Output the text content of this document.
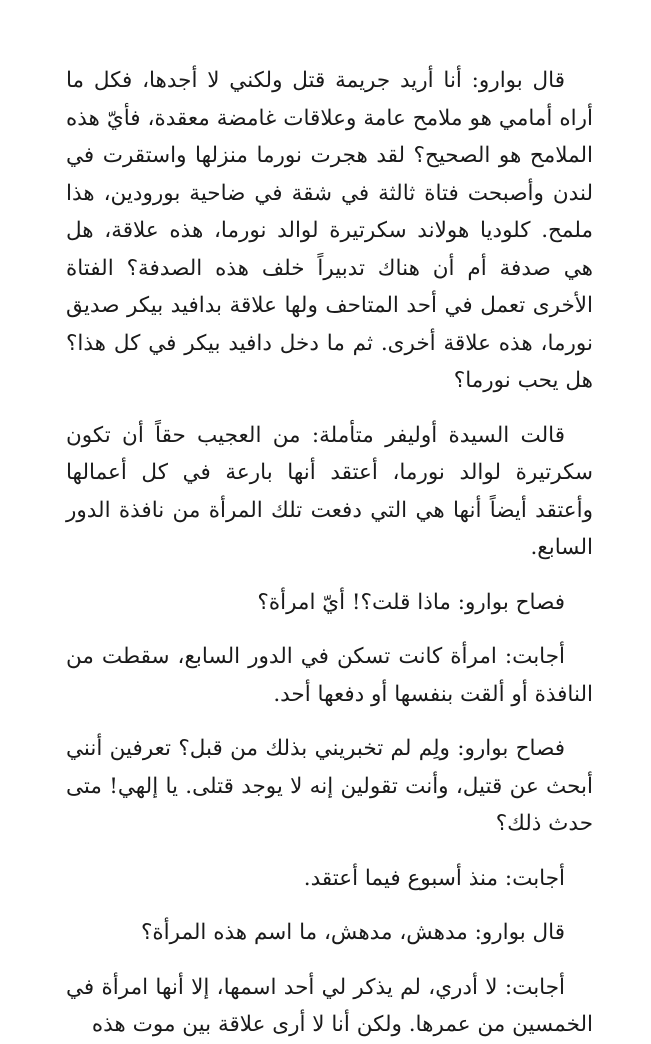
قال بوارو: أنا أريد جريمة قتل ولكني لا أجدها، فكل ما أراه أمامي هو ملامح عامة وعلاقات غامضة معقدة، فأيّ هذه الملامح هو الصحيح؟ لقد هجرت نورما منزلها واستقرت في لندن وأصبحت فتاة ثالثة في شقة في ضاحية بورودين، هذا ملمح. كلوديا هولاند سكرتيرة لوالد نورما، هذه علاقة، هل هي صدفة أم أن هناك تدبيراً خلف هذه الصدفة؟ الفتاة الأخرى تعمل في أحد المتاحف ولها علاقة بدافيد بيكر صديق نورما، هذه علاقة أخرى. ثم ما دخل دافيد بيكر في كل هذا؟ هل يحب نورما؟

قالت السيدة أوليفر متأملة: من العجيب حقاً أن تكون سكرتيرة لوالد نورما، أعتقد أنها بارعة في كل أعمالها وأعتقد أيضاً أنها هي التي دفعت تلك المرأة من نافذة الدور السابع.

فصاح بوارو: ماذا قلت؟! أيّ امرأة؟

أجابت: امرأة كانت تسكن في الدور السابع، سقطت من النافذة أو ألقت بنفسها أو دفعها أحد.

فصاح بوارو: ولِم لم تخبريني بذلك من قبل؟ تعرفين أنني أبحث عن قتيل، وأنت تقولين إنه لا يوجد قتلى. يا إلهي! متى حدث ذلك؟

أجابت: منذ أسبوع فيما أعتقد.

قال بوارو: مدهش، مدهش، ما اسم هذه المرأة؟

أجابت: لا أدري، لم يذكر لي أحد اسمها، إلا أنها امرأة في الخمسين من عمرها. ولكن أنا لا أرى علاقة بين موت هذه
